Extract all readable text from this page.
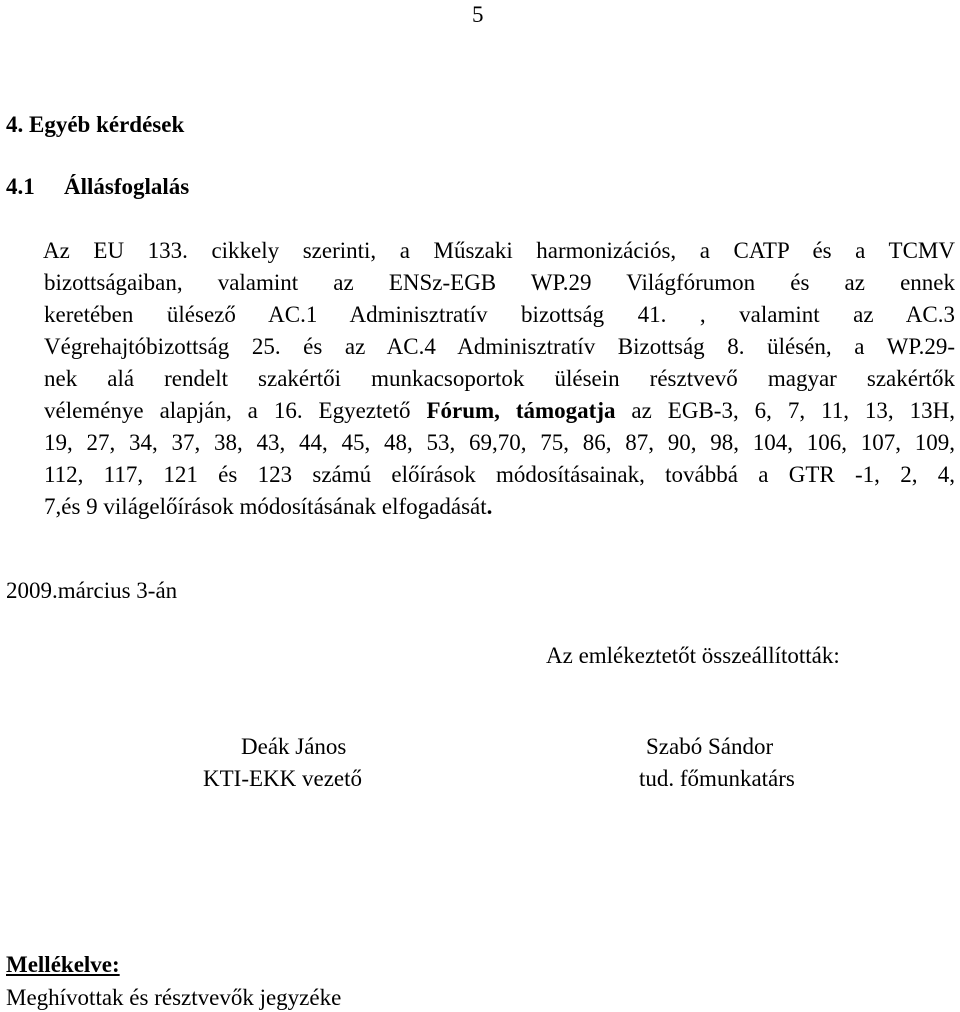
5
4. Egyéb kérdések
4.1 Állásfoglalás
Az EU 133. cikkely szerinti, a Műszaki harmonizációs, a CATP és a TCMV
bizottságaiban, valamint az ENSz-EGB WP.29 Világfórumon és az ennek
keretében ülésező AC.1 Adminisztratív bizottság 41. , valamint az AC.3
Végrehajtóbizottság 25. és az AC.4 Adminisztratív Bizottság 8. ülésén, a WP.29-
nek alá rendelt szakértői munkacsoportok ülésein résztvevő magyar szakértők
véleménye alapján, a 16. Egyeztető Fórum, támogatja az EGB-3, 6, 7, 11, 13, 13H,
19, 27, 34, 37, 38, 43, 44, 45, 48, 53, 69,70, 75, 86, 87, 90, 98, 104, 106, 107, 109,
112, 117, 121 és 123 számú előírások módosításainak, továbbá a GTR -1, 2, 4,
7,és 9 világelőírások módosításának elfogadását.
2009.március 3-án
Az emlékeztetőt összeállították:
Deák János
KTI-EKK vezető
Szabó Sándor
tud. főmunkatárs
Mellékelve:
Meghívottak és résztvevők jegyzéke
